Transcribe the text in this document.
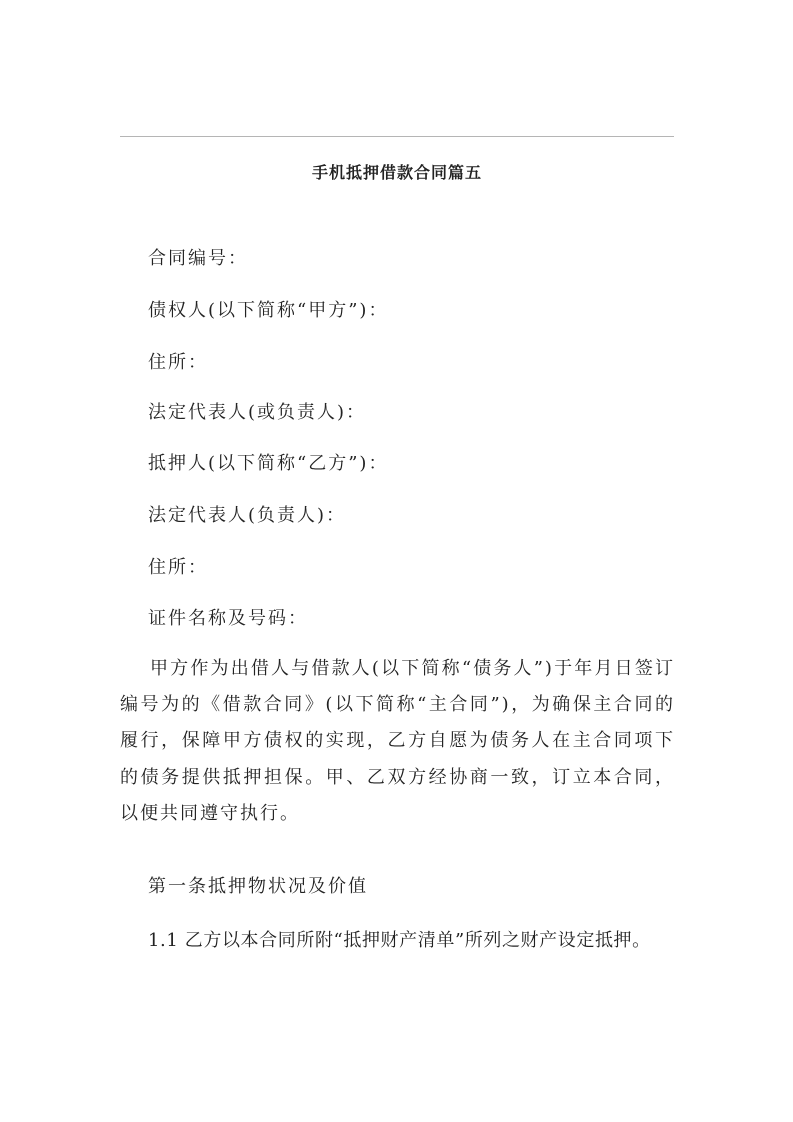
手机抵押借款合同篇五
合同编号：
债权人(以下简称“甲方”)：
住所：
法定代表人(或负责人)：
抵押人(以下简称“乙方”)：
法定代表人(负责人)：
住所：
证件名称及号码：
甲方作为出借人与借款人(以下简称“债务人”)于年月日签订编号为的《借款合同》(以下简称“主合同”)，为确保主合同的履行，保障甲方债权的实现，乙方自愿为债务人在主合同项下的债务提供抵押担保。甲、乙双方经协商一致，订立本合同，以便共同遵守执行。
第一条抵押物状况及价值
1.1 乙方以本合同所附“抵押财产清单”所列之财产设定抵押。
